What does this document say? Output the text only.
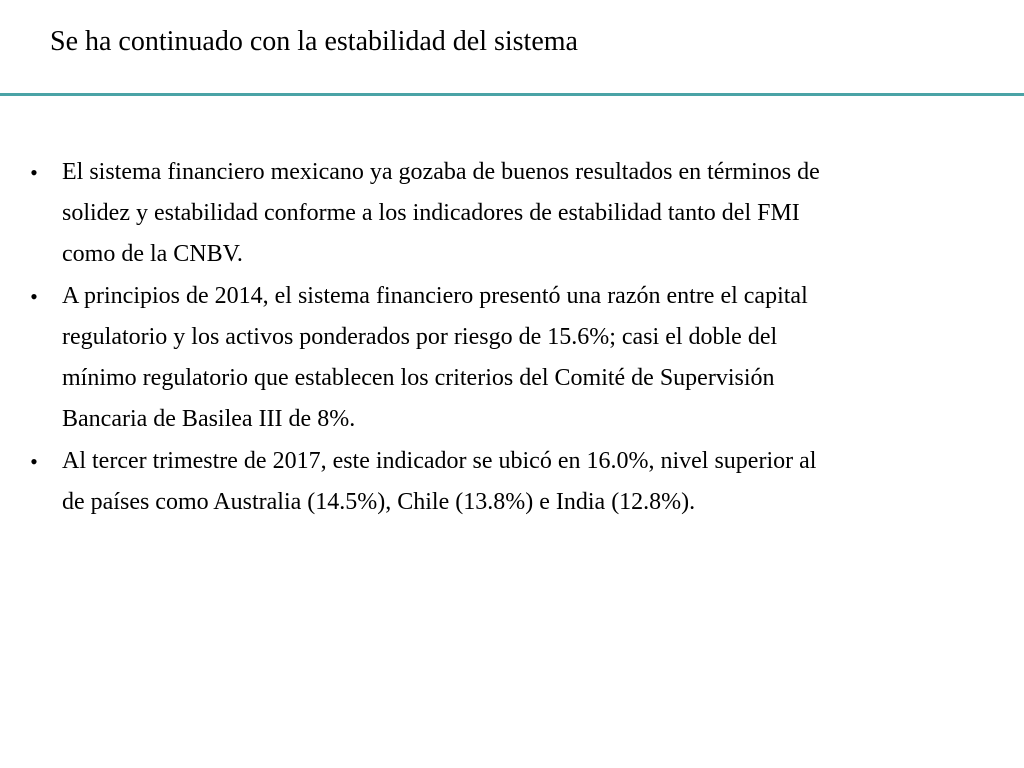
Se ha continuado con la estabilidad del sistema
• El sistema financiero mexicano ya gozaba de buenos resultados en términos de
solidez y estabilidad conforme a los indicadores de estabilidad tanto del FMI
como de la CNBV.
• A principios de 2014, el sistema financiero presentó una razón entre el capital
regulatorio y los activos ponderados por riesgo de 15.6%; casi el doble del
mínimo regulatorio que establecen los criterios del Comité de Supervisión
Bancaria de Basilea III de 8%.
• Al tercer trimestre de 2017, este indicador se ubicó en 16.0%, nivel superior al
de países como Australia (14.5%), Chile (13.8%) e India (12.8%).
